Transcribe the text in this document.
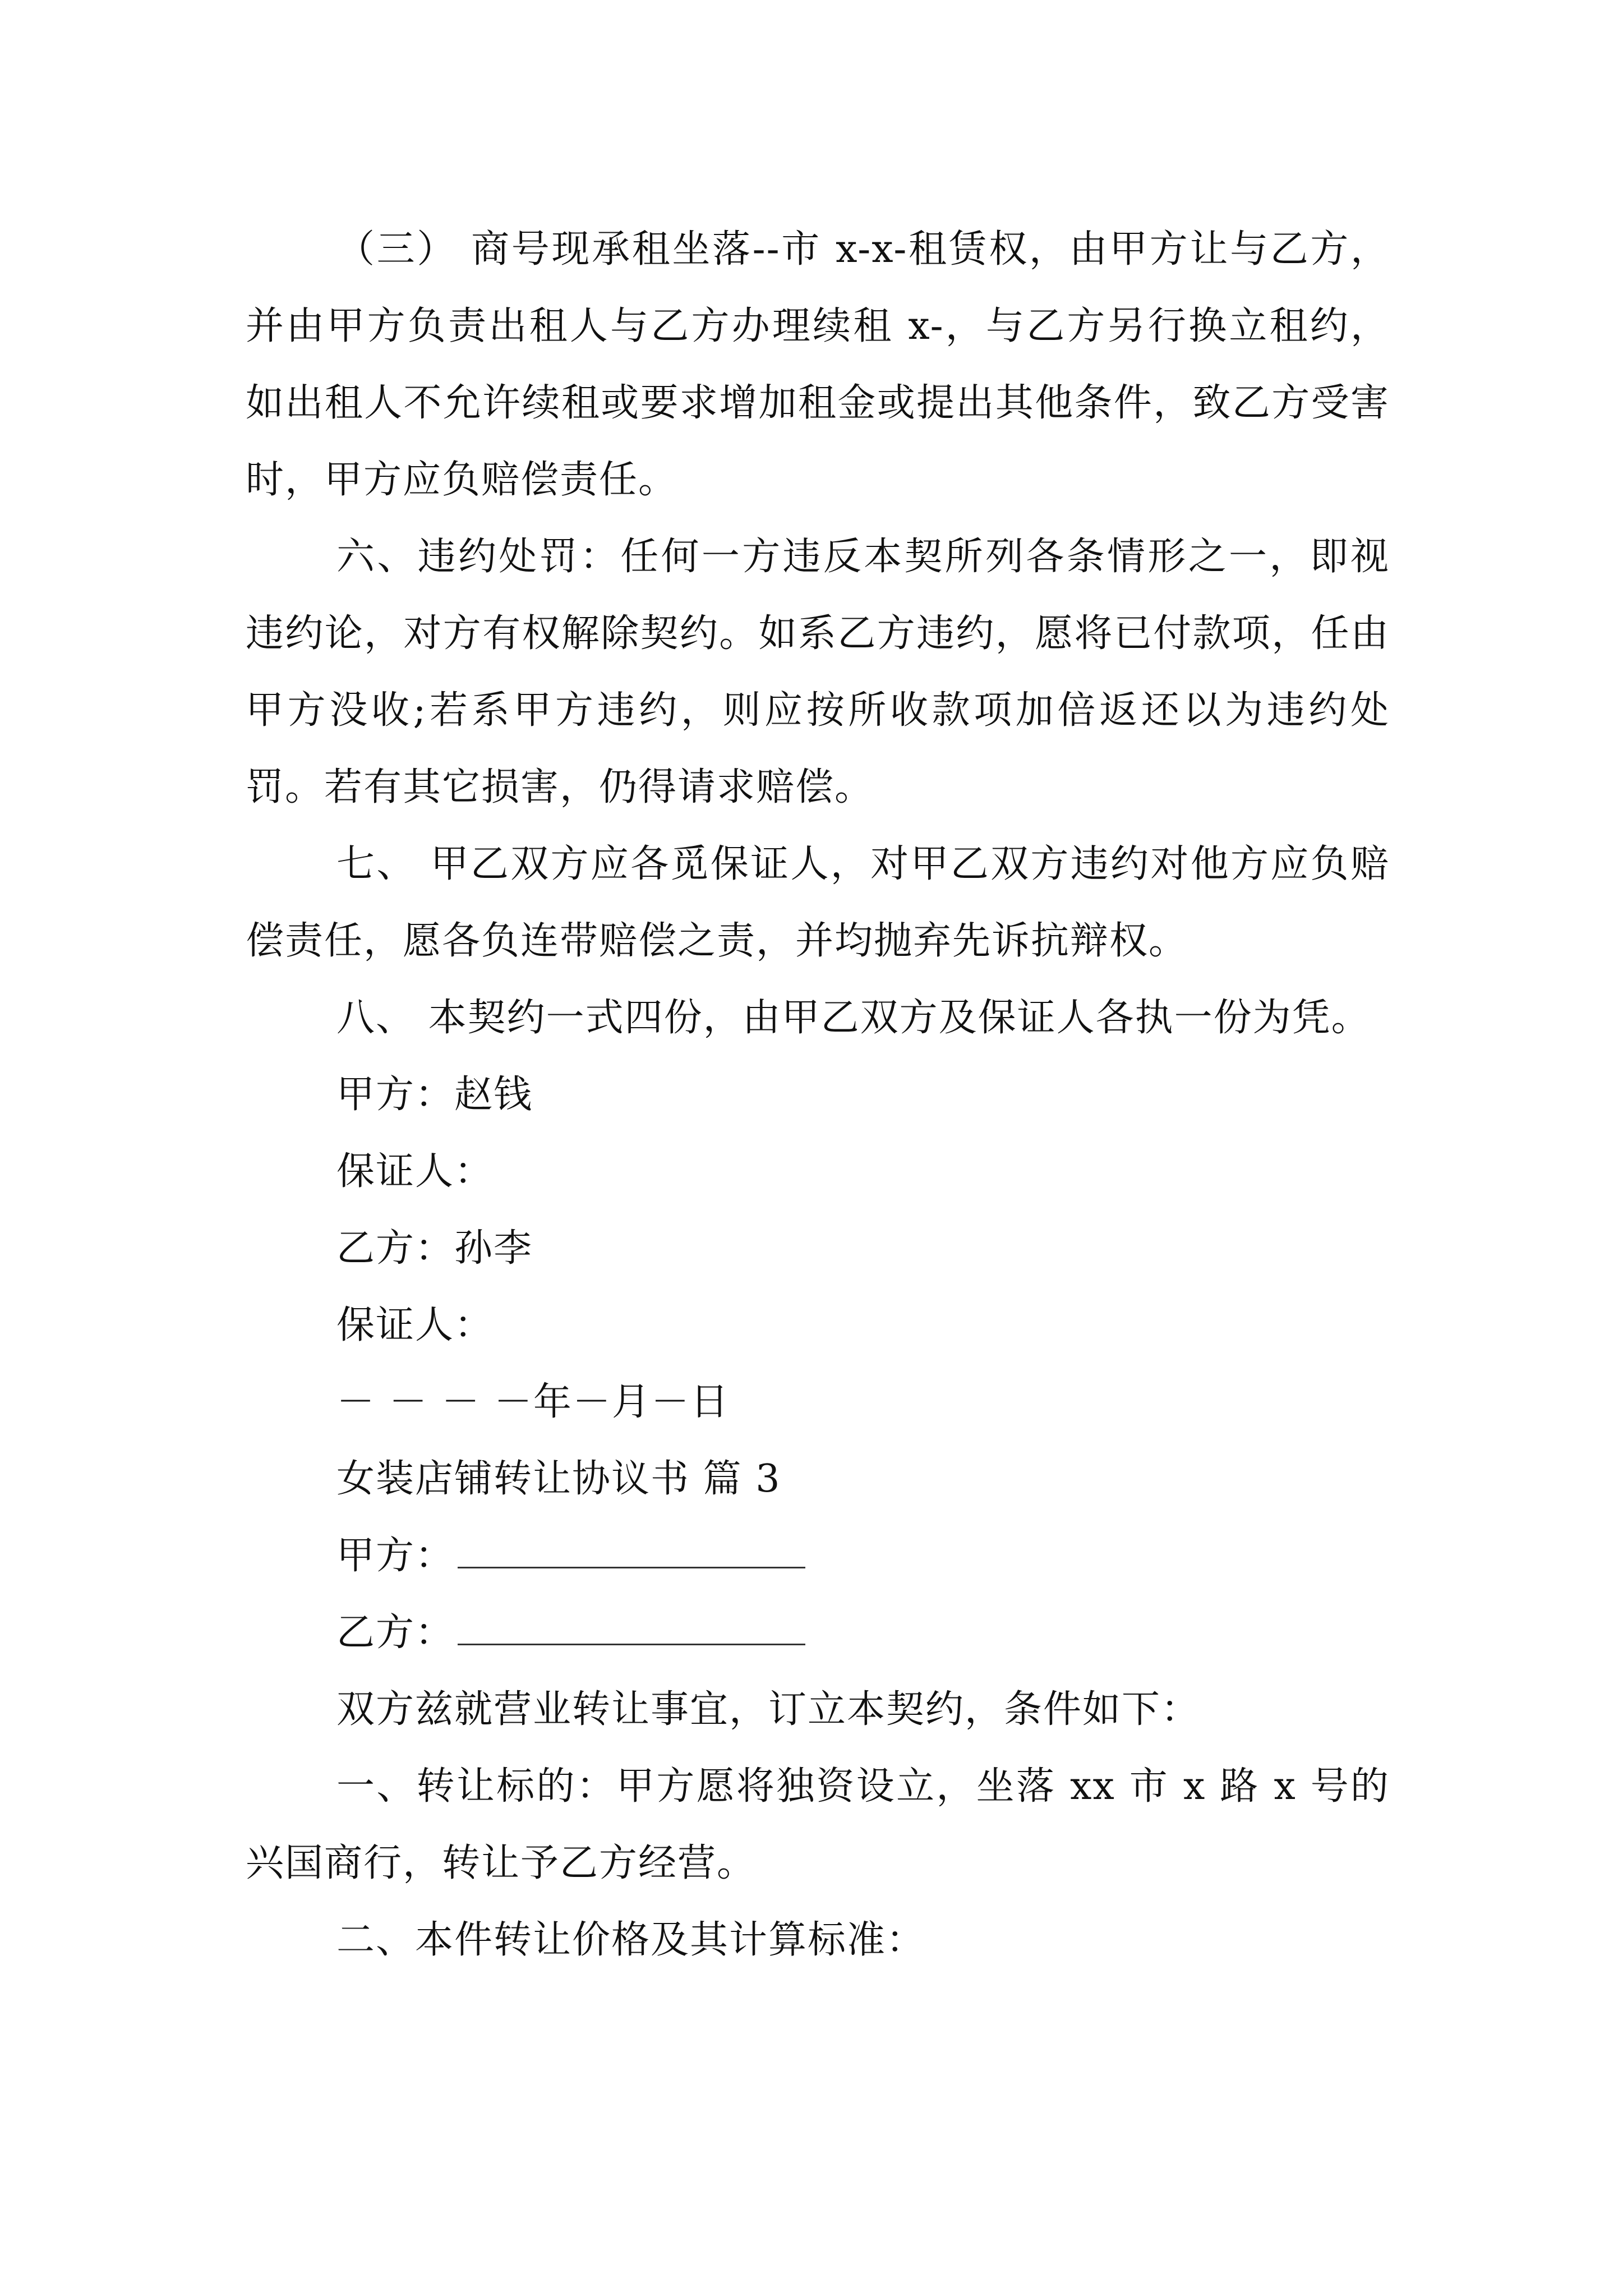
（三） 商号现承租坐落--市 x-x-租赁权，由甲方让与乙方，并由甲方负责出租人与乙方办理续租 x-，与乙方另行换立租约，如出租人不允许续租或要求增加租金或提出其他条件，致乙方受害时，甲方应负赔偿责任。

六、违约处罚：任何一方违反本契所列各条情形之一，即视违约论，对方有权解除契约。如系乙方违约，愿将已付款项，任由甲方没收;若系甲方违约，则应按所收款项加倍返还以为违约处罚。若有其它损害，仍得请求赔偿。

七、 甲乙双方应各觅保证人，对甲乙双方违约对他方应负赔偿责任，愿各负连带赔偿之责，并均抛弃先诉抗辩权。

八、 本契约一式四份，由甲乙双方及保证人各执一份为凭。

甲方：赵钱

保证人：

乙方：孙李

保证人：

－ － － －年－月－日

女装店铺转让协议书 篇 3

甲方：

乙方：

双方兹就营业转让事宜，订立本契约，条件如下：

一、转让标的：甲方愿将独资设立，坐落 xx 市 x 路 x 号的兴国商行，转让予乙方经营。

二、本件转让价格及其计算标准：
